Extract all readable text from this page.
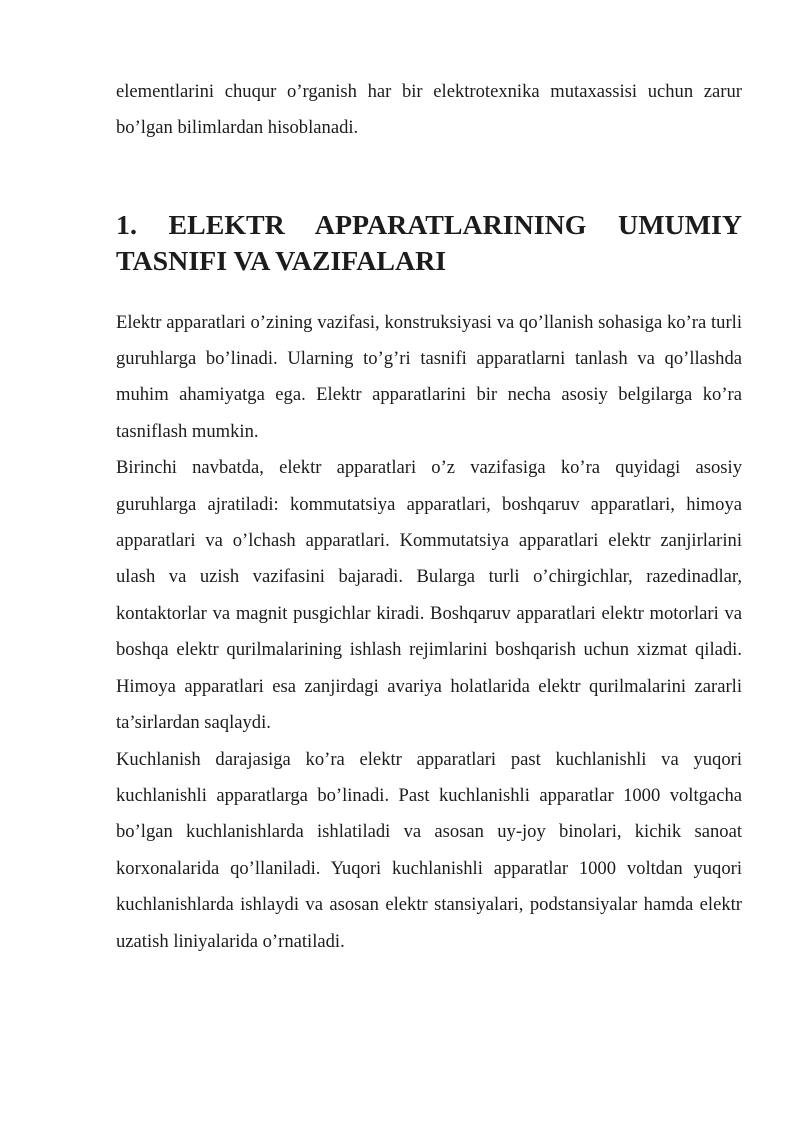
elementlarini chuqur o’rganish har bir elektrotexnika mutaxassisi uchun zarur bo’lgan bilimlardan hisoblanadi.

1. ELEKTR APPARATLARINING UMUMIY TASNIFI VA VAZIFALARI

Elektr apparatlari o’zining vazifasi, konstruksiyasi va qo’llanish sohasiga ko’ra turli guruhlarga bo’linadi. Ularning to’g’ri tasnifi apparatlarni tanlash va qo’llashda muhim ahamiyatga ega. Elektr apparatlarini bir necha asosiy belgilarga ko’ra tasniflash mumkin.

Birinchi navbatda, elektr apparatlari o’z vazifasiga ko’ra quyidagi asosiy guruhlarga ajratiladi: kommutatsiya apparatlari, boshqaruv apparatlari, himoya apparatlari va o’lchash apparatlari. Kommutatsiya apparatlari elektr zanjirlarini ulash va uzish vazifasini bajaradi. Bularga turli o’chirgichlar, razedinadlar, kontaktorlar va magnit pusgichlar kiradi. Boshqaruv apparatlari elektr motorlari va boshqa elektr qurilmalarining ishlash rejimlarini boshqarish uchun xizmat qiladi. Himoya apparatlari esa zanjirdagi avariya holatlarida elektr qurilmalarini zararli ta’sirlardan saqlaydi.

Kuchlanish darajasiga ko’ra elektr apparatlari past kuchlanishli va yuqori kuchlanishli apparatlarga bo’linadi. Past kuchlanishli apparatlar 1000 voltgacha bo’lgan kuchlanishlarda ishlatiladi va asosan uy-joy binolari, kichik sanoat korxonalarida qo’llaniladi. Yuqori kuchlanishli apparatlar 1000 voltdan yuqori kuchlanishlarda ishlaydi va asosan elektr stansiyalari, podstansiyalar hamda elektr uzatish liniyalarida o’rnatiladi.
